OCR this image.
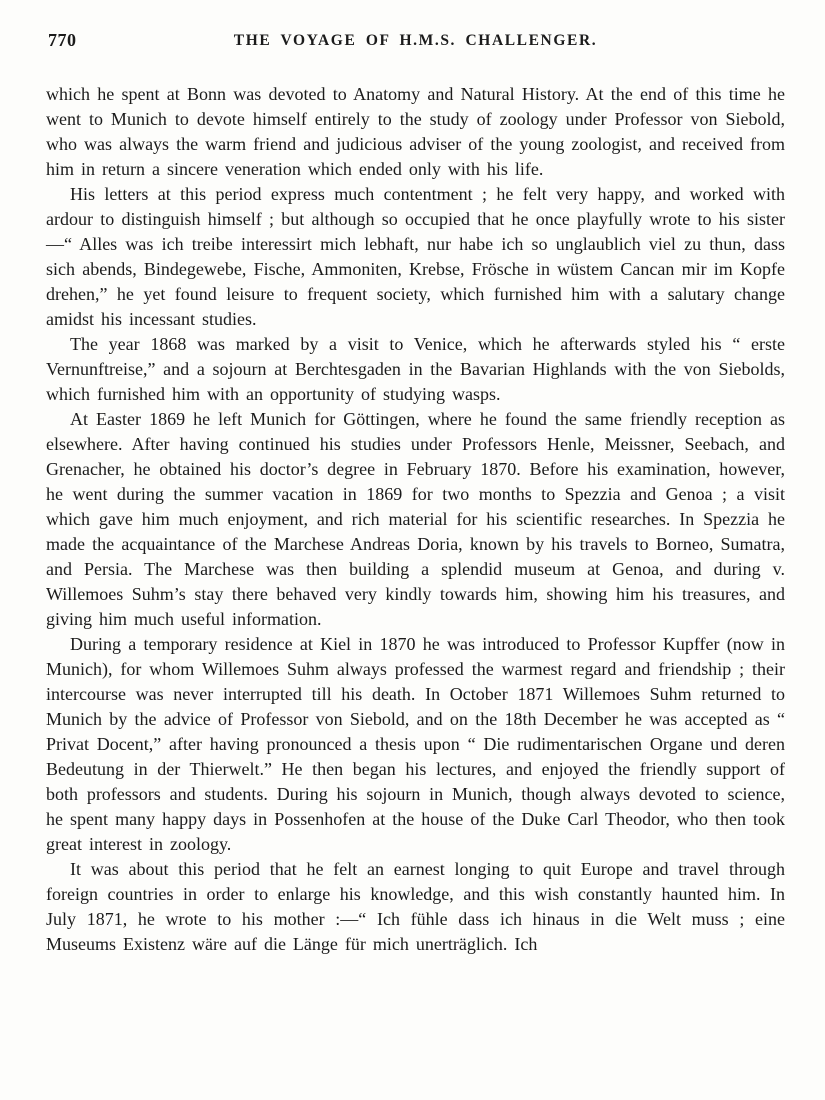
770	THE VOYAGE OF H.M.S. CHALLENGER.

which he spent at Bonn was devoted to Anatomy and Natural History. At the end of this time he went to Munich to devote himself entirely to the study of zoology under Professor von Siebold, who was always the warm friend and judicious adviser of the young zoologist, and received from him in return a sincere veneration which ended only with his life.

His letters at this period express much contentment ; he felt very happy, and worked with ardour to distinguish himself ; but although so occupied that he once playfully wrote to his sister—“ Alles was ich treibe interessirt mich lebhaft, nur habe ich so unglaublich viel zu thun, dass sich abends, Bindegewebe, Fische, Ammoniten, Krebse, Frösche in wüstem Cancan mir im Kopfe drehen,” he yet found leisure to frequent society, which furnished him with a salutary change amidst his incessant studies.

The year 1868 was marked by a visit to Venice, which he afterwards styled his “ erste Vernunftreise,” and a sojourn at Berchtesgaden in the Bavarian Highlands with the von Siebolds, which furnished him with an opportunity of studying wasps.

At Easter 1869 he left Munich for Göttingen, where he found the same friendly reception as elsewhere. After having continued his studies under Professors Henle, Meissner, Seebach, and Grenacher, he obtained his doctor’s degree in February 1870. Before his examination, however, he went during the summer vacation in 1869 for two months to Spezzia and Genoa ; a visit which gave him much enjoyment, and rich material for his scientific researches. In Spezzia he made the acquaintance of the Marchese Andreas Doria, known by his travels to Borneo, Sumatra, and Persia. The Marchese was then building a splendid museum at Genoa, and during v. Willemoes Suhm’s stay there behaved very kindly towards him, showing him his treasures, and giving him much useful information.

During a temporary residence at Kiel in 1870 he was introduced to Professor Kupffer (now in Munich), for whom Willemoes Suhm always professed the warmest regard and friendship ; their intercourse was never interrupted till his death. In October 1871 Willemoes Suhm returned to Munich by the advice of Professor von Siebold, and on the 18th December he was accepted as “ Privat Docent,” after having pronounced a thesis upon “ Die rudimentarischen Organe und deren Bedeutung in der Thierwelt.” He then began his lectures, and enjoyed the friendly support of both professors and students. During his sojourn in Munich, though always devoted to science, he spent many happy days in Possenhofen at the house of the Duke Carl Theodor, who then took great interest in zoology.

It was about this period that he felt an earnest longing to quit Europe and travel through foreign countries in order to enlarge his knowledge, and this wish constantly haunted him. In July 1871, he wrote to his mother :—“ Ich fühle dass ich hinaus in die Welt muss ; eine Museums Existenz wäre auf die Länge für mich unerträglich. Ich
